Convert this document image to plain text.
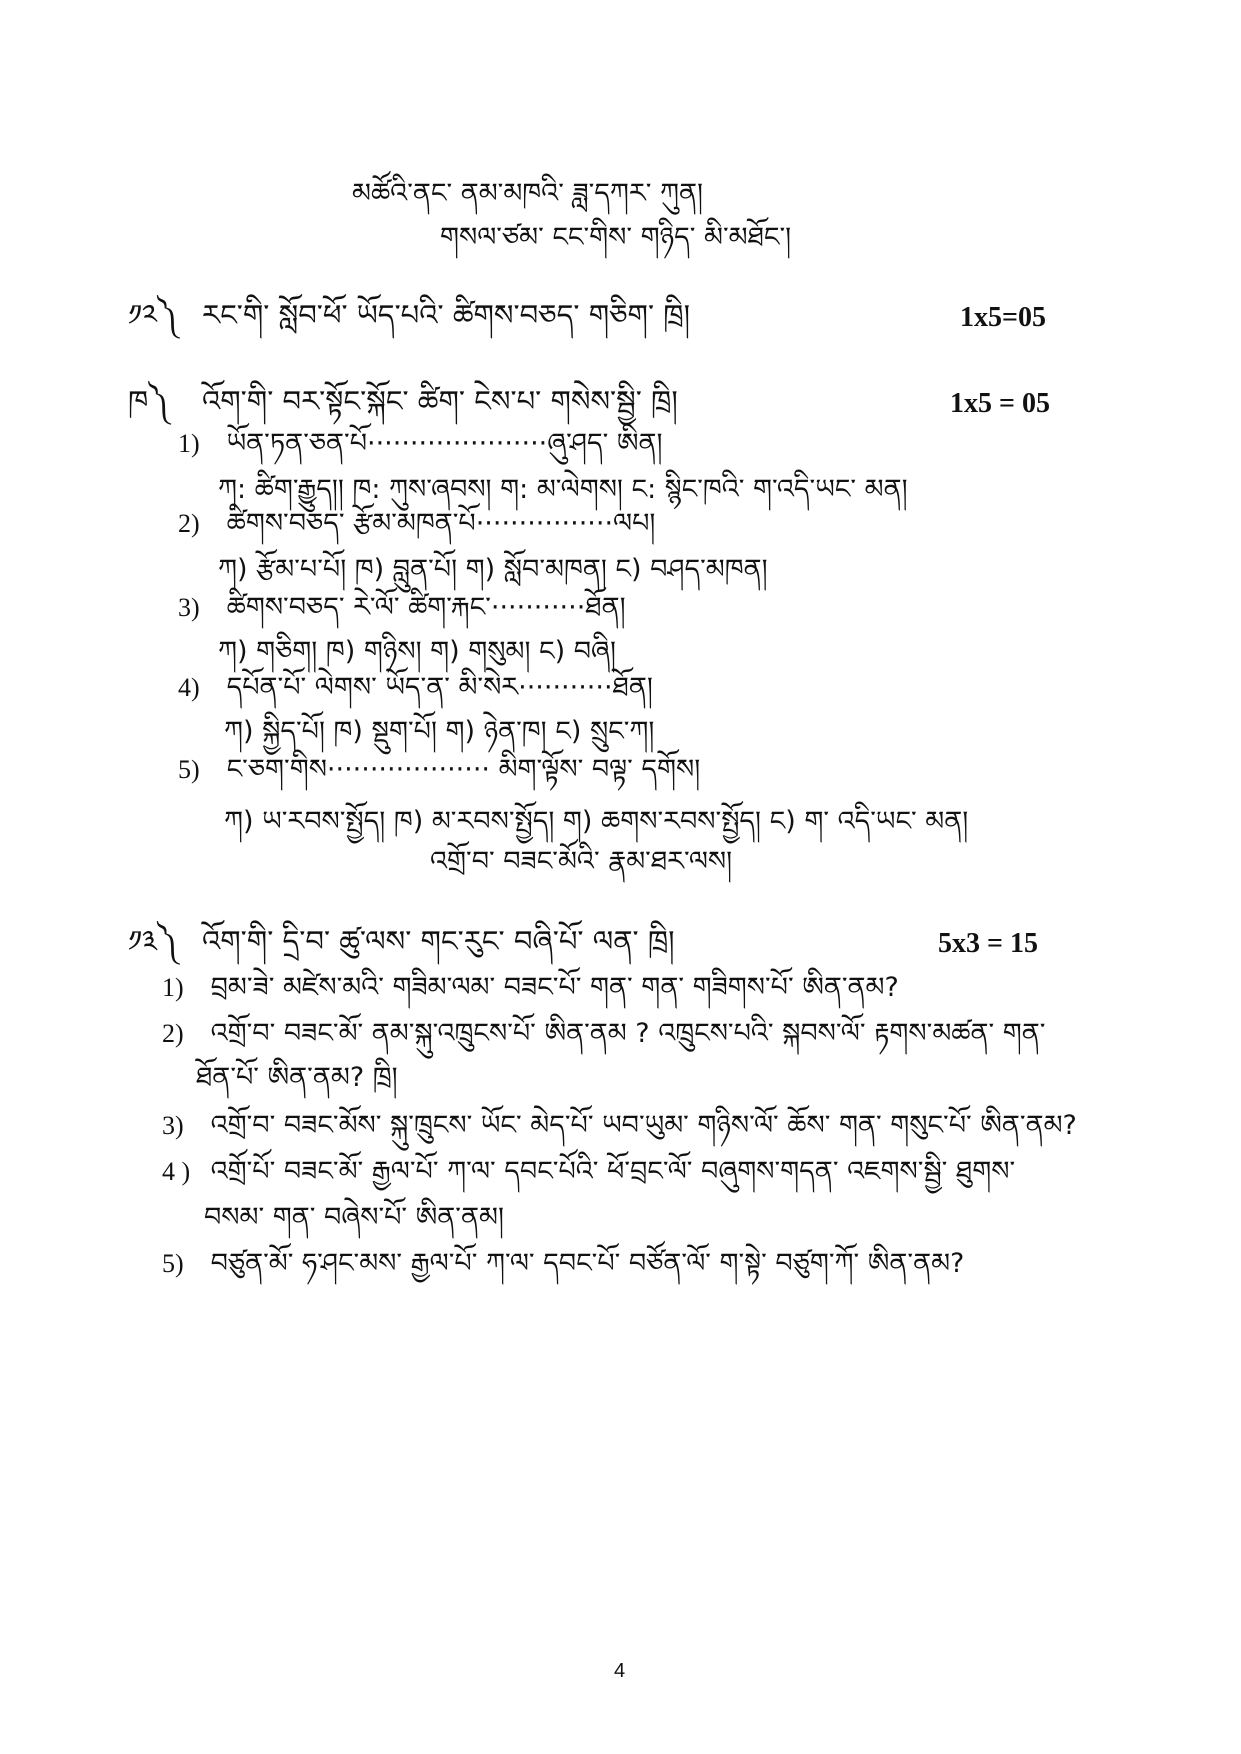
མཚོའི་ནང་ ནམ་མཁའི་ ཟླ་དཀར་ ཀུན།
གསལ་ཙམ་ ངང་གིས་ གཉིད་ མི་མཐོང་།
༡༢༽ རང་གི་ སློབ་ཕོ་ ཡོད་པའི་ ཚིགས་བཅད་ གཅིག་ ཁྲི།	1x5=05
ཁ༽ འོག་གི་ བར་སྟོང་སྐོང་ ཚིག་ ངེས་པ་ གསེས་སྦྱི་ ཁྲི།	1x5 = 05
1) ཡོན་ཏན་ཅན་པོ·····················ཞུ་ཤད་ ཨིན།
ཀ: ཚིག་རྒྱུད།། ཁ: ཀུས་ཞབས། ག: མ་ལེགས། ང: སྙིང་ཁའི་ ག་འདི་ཡང་ མན།
2) ཚིགས་བཅད་ རྩོམ་མཁན་པོ················ལཔ།
ཀ) རྩོམ་པ་པོ། ཁ) བླུན་པོ། ག) སློབ་མཁན། ང) བཤད་མཁན།
3) ཚིགས་བཅད་ རེ་ལོ་ ཚིག་རྐང་···········ཐོན།
ཀ) གཅིག། ཁ) གཉིས། ག) གསུམ། ང) བཞི།
4) དཔོན་པོ་ ལེགས་ ཡོད་ན་ མི་སེར···········ཐོན།
ཀ) སྐྱིད་པོ། ཁ) སྡུག་པོ། ག) ཉེན་ཁ། ང) སྲུང་ཀ།
5) ང་ཅག་གིས··················· མིག་ལྟོས་ བལྟ་ དགོས།
ཀ) ཡ་རབས་སྤྱོད། ཁ) མ་རབས་སྤྱོད། ག) ཆགས་རབས་སྤྱོད། ང) ག་ འདི་ཡང་ མན།
འགྲོ་བ་ བཟང་མོའི་ རྣམ་ཐར་ལས།
༡༣༽ འོག་གི་ དྲི་བ་ ཚུ་ལས་ གང་རུང་ བཞི་པོ་ ལན་ ཁྲི།	5x3 = 15
1) བྲམ་ཟེ་ མཛེས་མའི་ གཟིམ་ལམ་ བཟང་པོ་ གན་ གན་ གཟིགས་པོ་ ཨིན་ནམ?
2) འགྲོ་བ་ བཟང་མོ་ ནམ་སྐུ་འཁྲུངས་པོ་ ཨིན་ནམ ? འཁྲུངས་པའི་ སྐབས་ལོ་ རྟགས་མཚན་ གན་
ཐོན་པོ་ ཨིན་ནམ? ཁྲི།
3) འགྲོ་བ་ བཟང་མོས་ སྐུ་ཁྲུངས་ ཡོང་ མེད་པོ་ ཡབ་ཡུམ་ གཉིས་ལོ་ ཆོས་ གན་ གསུང་པོ་ ཨིན་ནམ?
4 ) འགྲོ་པོ་ བཟང་མོ་ རྒྱལ་པོ་ ཀ་ལ་ དབང་པོའི་ ཕོ་བྲང་ལོ་ བཞུགས་གདན་ འཇགས་སྦྱི་ ཐུགས་
བསམ་ གན་ བཞེས་པོ་ ཨིན་ནམ།
5) བཙུན་མོ་ ཧ་ཤང་མས་ རྒྱལ་པོ་ ཀ་ལ་ དབང་པོ་ བཙོན་ལོ་ ག་སྟེ་ བཙུག་ཀོ་ ཨིན་ནམ?
4
